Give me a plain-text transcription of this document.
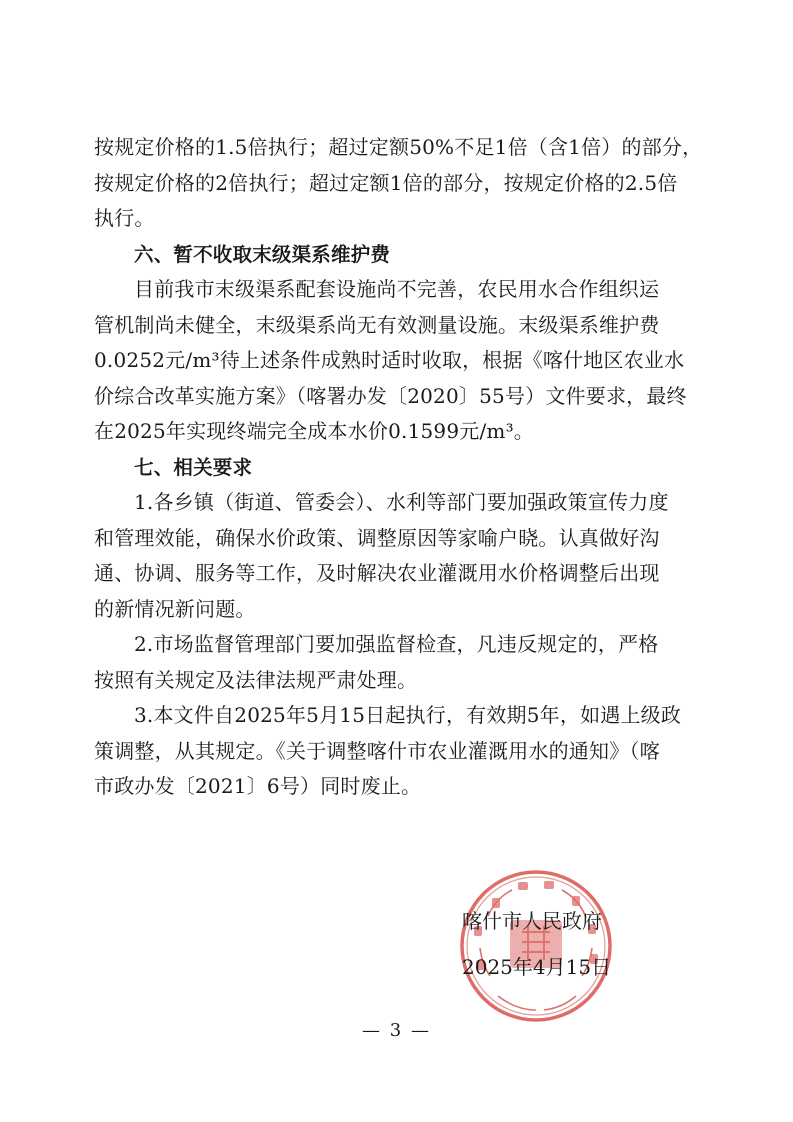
按规定价格的1.5倍执行；超过定额50%不足1倍（含1倍）的部分，
按规定价格的2倍执行；超过定额1倍的部分，按规定价格的2.5倍
执行。
六、暂不收取末级渠系维护费
目前我市末级渠系配套设施尚不完善，农民用水合作组织运
管机制尚未健全，末级渠系尚无有效测量设施。末级渠系维护费
0.0252元/m³待上述条件成熟时适时收取，根据《喀什地区农业水
价综合改革实施方案》（喀署办发〔2020〕55号）文件要求，最终
在2025年实现终端完全成本水价0.1599元/m³。
七、相关要求
1.各乡镇（街道、管委会）、水利等部门要加强政策宣传力度
和管理效能，确保水价政策、调整原因等家喻户晓。认真做好沟
通、协调、服务等工作，及时解决农业灌溉用水价格调整后出现
的新情况新问题。
2.市场监督管理部门要加强监督检查，凡违反规定的，严格
按照有关规定及法律法规严肃处理。
3.本文件自2025年5月15日起执行，有效期5年，如遇上级政
策调整，从其规定。《关于调整喀什市农业灌溉用水的通知》（喀
市政办发〔2021〕6号）同时废止。
喀什市人民政府
2025年4月15日
— 3 —
